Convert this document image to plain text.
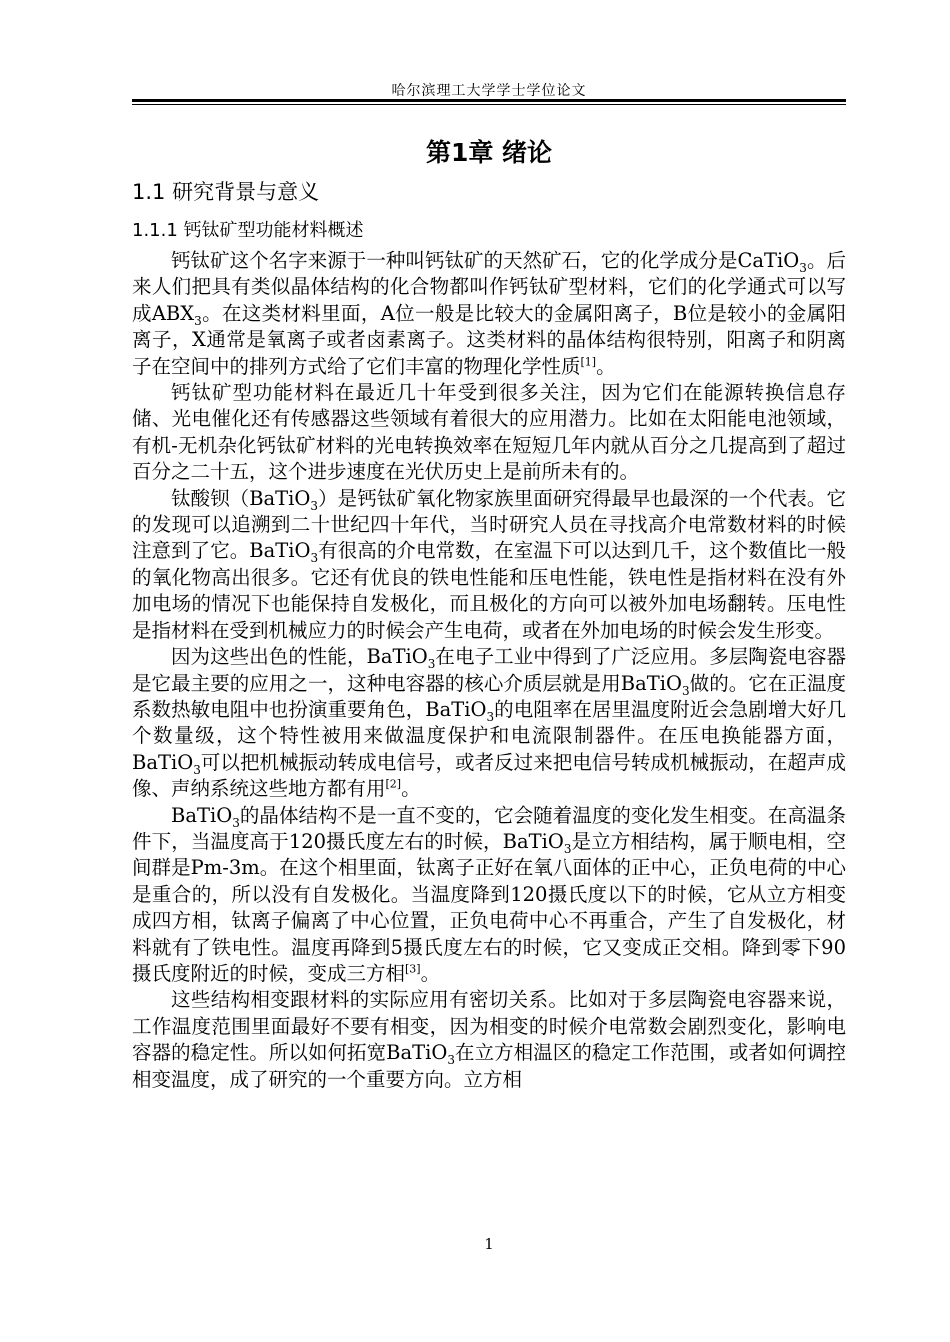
哈尔滨理工大学学士学位论文
第1章 绪论
1.1 研究背景与意义
1.1.1 钙钛矿型功能材料概述

钙钛矿这个名字来源于一种叫钙钛矿的天然矿石，它的化学成分是CaTiO$_3$。后来人们把具有类似晶体结构的化合物都叫作钙钛矿型材料，它们的化学通式可以写成$ABX_3$。在这类材料里面，A位一般是比较大的金属阳离子，B位是较小的金属阳离子，X通常是氧离子或者卤素离子。这类材料的晶体结构很特别，阳离子和阴离子在空间中的排列方式给了它们丰富的物理化学性质[1]。

钙钛矿型功能材料在最近几十年受到很多关注，因为它们在能源转换信息存储、光电催化还有传感器这些领域有着很大的应用潜力。比如在太阳能电池领域，有机-无机杂化钙钛矿材料的光电转换效率在短短几年内就从百分之几提高到了超过百分之二十五，这个进步速度在光伏历史上是前所未有的。

钛酸钡（BaTiO$_3$）是钙钛矿氧化物家族里面研究得最早也最深的一个代表。它的发现可以追溯到二十世纪四十年代，当时研究人员在寻找高介电常数材料的时候注意到了它。BaTiO$_3$有很高的介电常数，在室温下可以达到几千，这个数值比一般的氧化物高出很多。它还有优良的铁电性能和压电性能，铁电性是指材料在没有外加电场的情况下也能保持自发极化，而且极化的方向可以被外加电场翻转。压电性是指材料在受到机械应力的时候会产生电荷，或者在外加电场的时候会发生形变。

因为这些出色的性能，BaTiO$_3$在电子工业中得到了广泛应用。多层陶瓷电容器是它最主要的应用之一，这种电容器的核心介质层就是用BaTiO$_3$做的。它在正温度系数热敏电阻中也扮演重要角色，BaTiO$_3$的电阻率在居里温度附近会急剧增大好几个数量级，这个特性被用来做温度保护和电流限制器件。在压电换能器方面，BaTiO$_3$可以把机械振动转成电信号，或者反过来把电信号转成机械振动，在超声成像、声纳系统这些地方都有用[2]。

BaTiO$_3$的晶体结构不是一直不变的，它会随着温度的变化发生相变。在高温条件下，当温度高于120摄氏度左右的时候，BaTiO$_3$是立方相结构，属于顺电相，空间群是Pm-3m。在这个相里面，钛离子正好在氧八面体的正中心，正负电荷的中心是重合的，所以没有自发极化。当温度降到120摄氏度以下的时候，它从立方相变成四方相，钛离子偏离了中心位置，正负电荷中心不再重合，产生了自发极化，材料就有了铁电性。温度再降到5摄氏度左右的时候，它又变成正交相。降到零下90摄氏度附近的时候，变成三方相[3]。

这些结构相变跟材料的实际应用有密切关系。比如对于多层陶瓷电容器来说，工作温度范围里面最好不要有相变，因为相变的时候介电常数会剧烈变化，影响电容器的稳定性。所以如何拓宽BaTiO$_3$在立方相温区的稳定工作范围，或者如何调控相变温度，成了研究的一个重要方向。立方相

1
